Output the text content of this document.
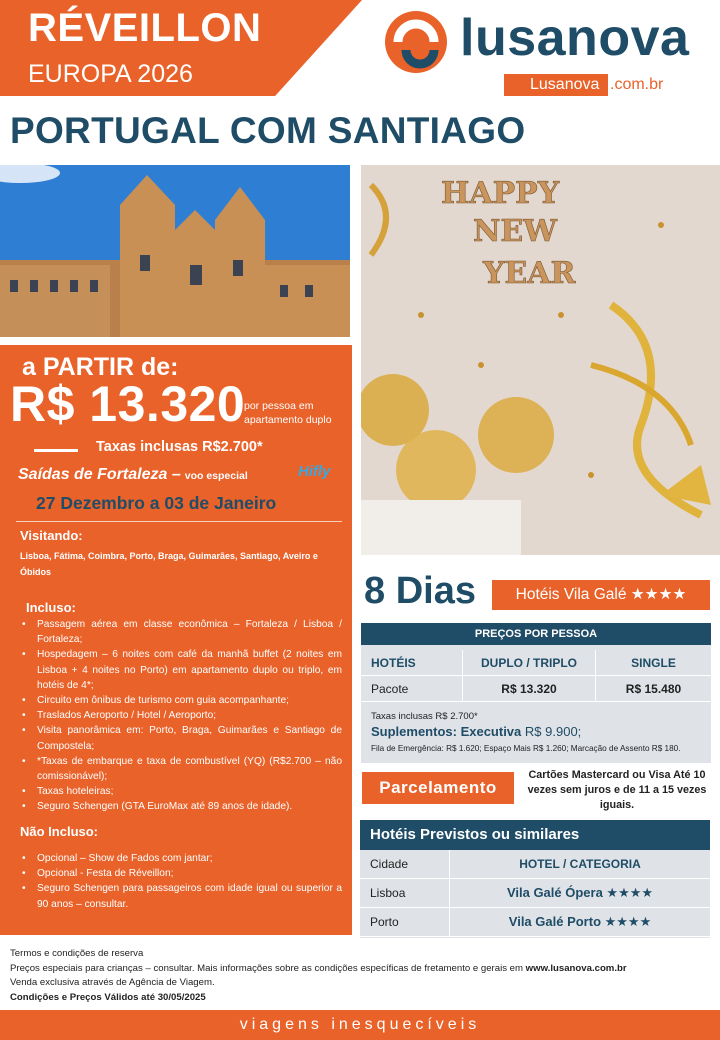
RÉVEILLON
EUROPA 2026
lusanova
Lusanova .com.br
PORTUGAL COM SANTIAGO
HAPPY
NEW
YEAR
a PARTIR de:
R$ 13.320
por pessoa em apartamento duplo
Taxas inclusas R$2.700*
Saídas de Fortaleza – voo especial	Hifly
27 Dezembro a 03 de Janeiro
Visitando:
Lisboa, Fátima, Coimbra, Porto, Braga, Guimarães, Santiago, Aveiro e Óbidos
Incluso:
• Passagem aérea em classe econômica – Fortaleza / Lisboa / Fortaleza;
• Hospedagem – 6 noites com café da manhã buffet (2 noites em Lisboa + 4 noites no Porto) em apartamento duplo ou triplo, em hotéis de 4*;
• Circuito em ônibus de turismo com guia acompanhante;
• Traslados Aeroporto / Hotel / Aeroporto;
• Visita panorâmica em: Porto, Braga, Guimarães e Santiago de Compostela;
• *Taxas de embarque e taxa de combustível (YQ) (R$2.700 – não comissionável);
• Taxas hoteleiras;
• Seguro Schengen (GTA EuroMax até 89 anos de idade).
Não Incluso:
• Opcional – Show de Fados com jantar;
• Opcional - Festa de Réveillon;
• Seguro Schengen para passageiros com idade igual ou superior a 90 anos – consultar.
8 Dias	Hotéis Vila Galé ★★★★
PREÇOS POR PESSOA
HOTÉIS	DUPLO / TRIPLO	SINGLE
Pacote	R$ 13.320	R$ 15.480
Taxas inclusas R$ 2.700*
Suplementos: Executiva R$ 9.900;
Fila de Emergência: R$ 1.620; Espaço Mais R$ 1.260; Marcação de Assento R$ 180.
Parcelamento
Cartões Mastercard ou Visa Até 10 vezes sem juros e de 11 a 15 vezes iguais.
Hotéis Previstos ou similares
Cidade	HOTEL / CATEGORIA
Lisboa	Vila Galé Ópera ★★★★
Porto	Vila Galé Porto ★★★★
Termos e condições de reserva
Preços especiais para crianças – consultar. Mais informações sobre as condições específicas de fretamento e gerais em www.lusanova.com.br
Venda exclusiva através de Agência de Viagem.
Condições e Preços Válidos até 30/05/2025
viagens inesquecíveis
